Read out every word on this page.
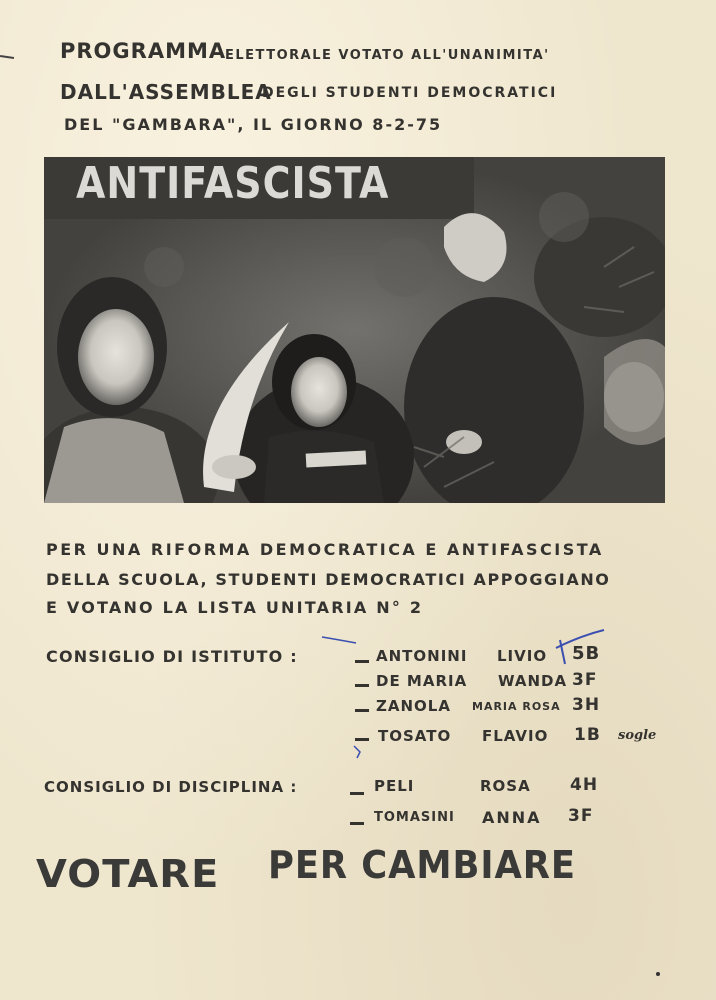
PROGRAMMA
ELETTORALE VOTATO ALL'UNANIMITA'
DALL'ASSEMBLEA
DEGLI STUDENTI DEMOCRATICI
DEL "GAMBARA", IL GIORNO 8-2-75
ANTIFASCISTA
PER UNA RIFORMA DEMOCRATICA E ANTIFASCISTA
DELLA SCUOLA, STUDENTI DEMOCRATICI APPOGGIANO
E VOTANO LA LISTA UNITARIA N° 2
CONSIGLIO DI ISTITUTO :	ANTONINI LIVIO 5B
DE MARIA WANDA 3F
ZANOLA MARIA ROSA 3H
TOSATO FLAVIO 1B sogle
CONSIGLIO DI DISCIPLINA :	PELI	ROSA 4H
TOMASINI ANNA 3F
VOTARE PER CAMBIARE
